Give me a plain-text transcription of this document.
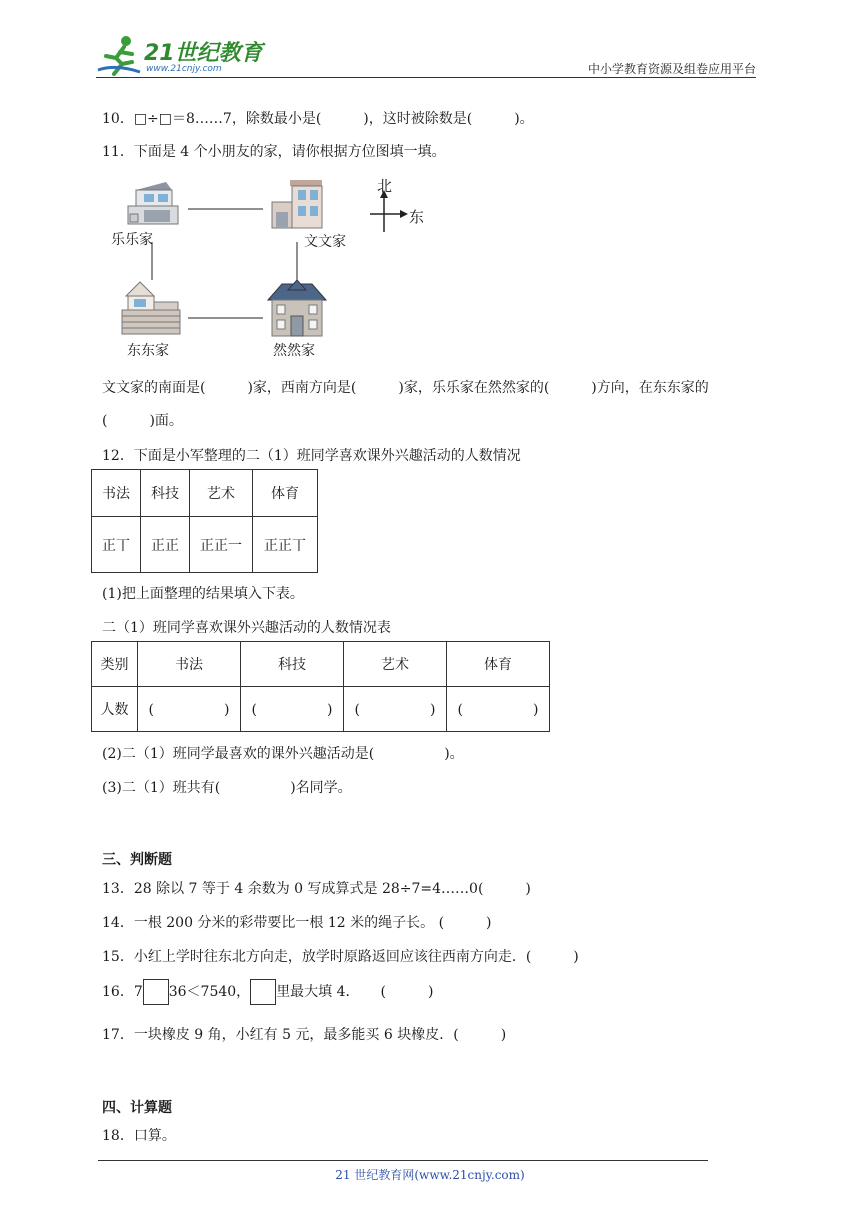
21世纪教育
www.21cnjy.com	中小学教育资源及组卷应用平台
10．□÷□＝8……7，除数最小是(　　　)，这时被除数是(　　　)。
11．下面是 4 个小朋友的家，请你根据方位图填一填。
乐乐家	文文家
东东家	然然家
北
东
文文家的南面是(　　　)家，西南方向是(　　　)家，乐乐家在然然家的(　　　)方向，在东东家的
(　　　)面。
12．下面是小军整理的二（1）班同学喜欢课外兴趣活动的人数情况
书法	科技	艺术	体育
正丅	正正	正正一	正正丅
(1)把上面整理的结果填入下表。
二（1）班同学喜欢课外兴趣活动的人数情况表
类别	书法	科技	艺术	体育
人数	(　　　　　)	(　　　　　)	(　　　　　)	(　　　　　)
(2)二（1）班同学最喜欢的课外兴趣活动是(　　　　　)。
(3)二（1）班共有(　　　　　)名同学。
三、判断题
13．28 除以 7 等于 4 余数为 0 写成算式是 28÷7=4……0(　　　)
14．一根 200 分米的彩带要比一根 12 米的绳子长。 (　　　)
15．小红上学时往东北方向走，放学时原路返回应该往西南方向走．(　　　)
16．7 36＜7540， 里最大填 4．　　(　　　)
17．一块橡皮 9 角，小红有 5 元，最多能买 6 块橡皮．(　　　)
四、计算题
18．口算。
21 世纪教育网(www.21cnjy.com)
